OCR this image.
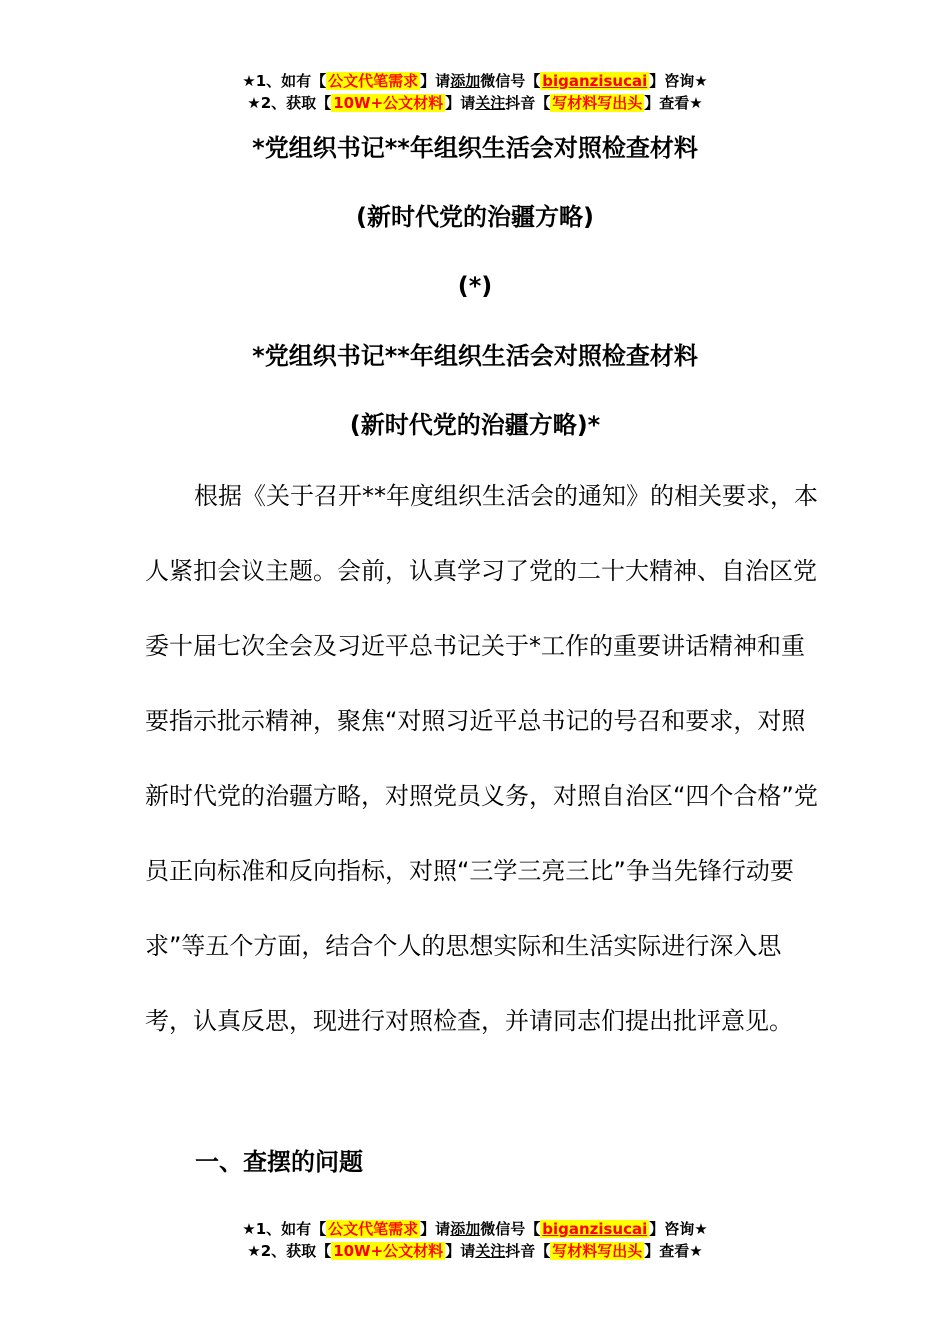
★1、如有【 公文代笔需求 】请添加微信号【 biganzisucai 】咨询★
★2、获取【 10W+公文材料 】请关注抖音【 写材料写出头 】查看★
*党组织书记**年组织生活会对照检查材料
(新时代党的治疆方略)
(*)
*党组织书记**年组织生活会对照检查材料
(新时代党的治疆方略)*

根据《关于召开**年度组织生活会的通知》的相关要求，本人紧扣会议主题。会前，认真学习了党的二十大精神、自治区党委十届七次全会及习近平总书记关于*工作的重要讲话精神和重要指示批示精神，聚焦“对照习近平总书记的号召和要求，对照新时代党的治疆方略，对照党员义务，对照自治区“四个合格”党员正向标准和反向指标，对照“三学三亮三比”争当先锋行动要求”等五个方面，结合个人的思想实际和生活实际进行深入思考，认真反思，现进行对照检查，并请同志们提出批评意见。

一、查摆的问题
★1、如有【 公文代笔需求 】请添加微信号【 biganzisucai 】咨询★
★2、获取【 10W+公文材料 】请关注抖音【 写材料写出头 】查看★
